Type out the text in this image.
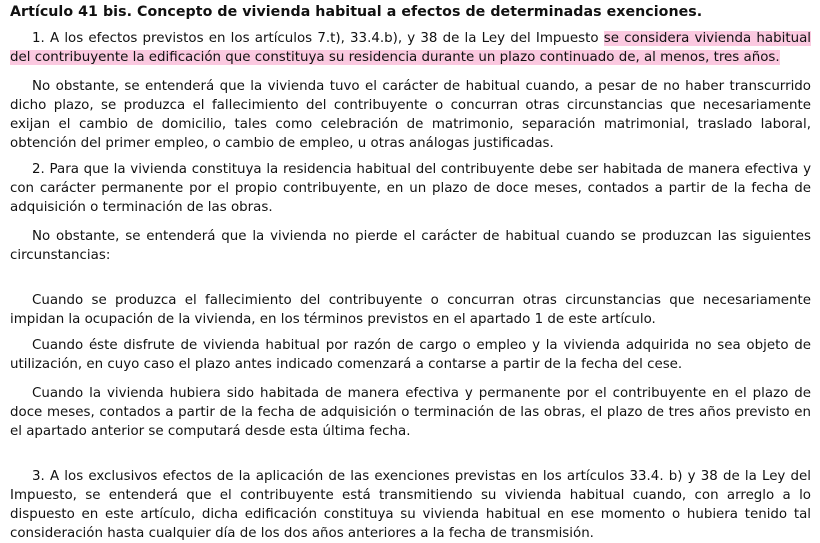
Artículo 41 bis. Concepto de vivienda habitual a efectos de determinadas exenciones.

1. A los efectos previstos en los artículos 7.t), 33.4.b), y 38 de la Ley del Impuesto se considera vivienda habitual del contribuyente la edificación que constituya su residencia durante un plazo continuado de, al menos, tres años.

No obstante, se entenderá que la vivienda tuvo el carácter de habitual cuando, a pesar de no haber transcurrido dicho plazo, se produzca el fallecimiento del contribuyente o concurran otras circunstancias que necesariamente exijan el cambio de domicilio, tales como celebración de matrimonio, separación matrimonial, traslado laboral, obtención del primer empleo, o cambio de empleo, u otras análogas justificadas.

2. Para que la vivienda constituya la residencia habitual del contribuyente debe ser habitada de manera efectiva y con carácter permanente por el propio contribuyente, en un plazo de doce meses, contados a partir de la fecha de adquisición o terminación de las obras.

No obstante, se entenderá que la vivienda no pierde el carácter de habitual cuando se produzcan las siguientes circunstancias:

Cuando se produzca el fallecimiento del contribuyente o concurran otras circunstancias que necesariamente impidan la ocupación de la vivienda, en los términos previstos en el apartado 1 de este artículo.

Cuando éste disfrute de vivienda habitual por razón de cargo o empleo y la vivienda adquirida no sea objeto de utilización, en cuyo caso el plazo antes indicado comenzará a contarse a partir de la fecha del cese.

Cuando la vivienda hubiera sido habitada de manera efectiva y permanente por el contribuyente en el plazo de doce meses, contados a partir de la fecha de adquisición o terminación de las obras, el plazo de tres años previsto en el apartado anterior se computará desde esta última fecha.

3. A los exclusivos efectos de la aplicación de las exenciones previstas en los artículos 33.4. b) y 38 de la Ley del Impuesto, se entenderá que el contribuyente está transmitiendo su vivienda habitual cuando, con arreglo a lo dispuesto en este artículo, dicha edificación constituya su vivienda habitual en ese momento o hubiera tenido tal consideración hasta cualquier día de los dos años anteriores a la fecha de transmisión.
